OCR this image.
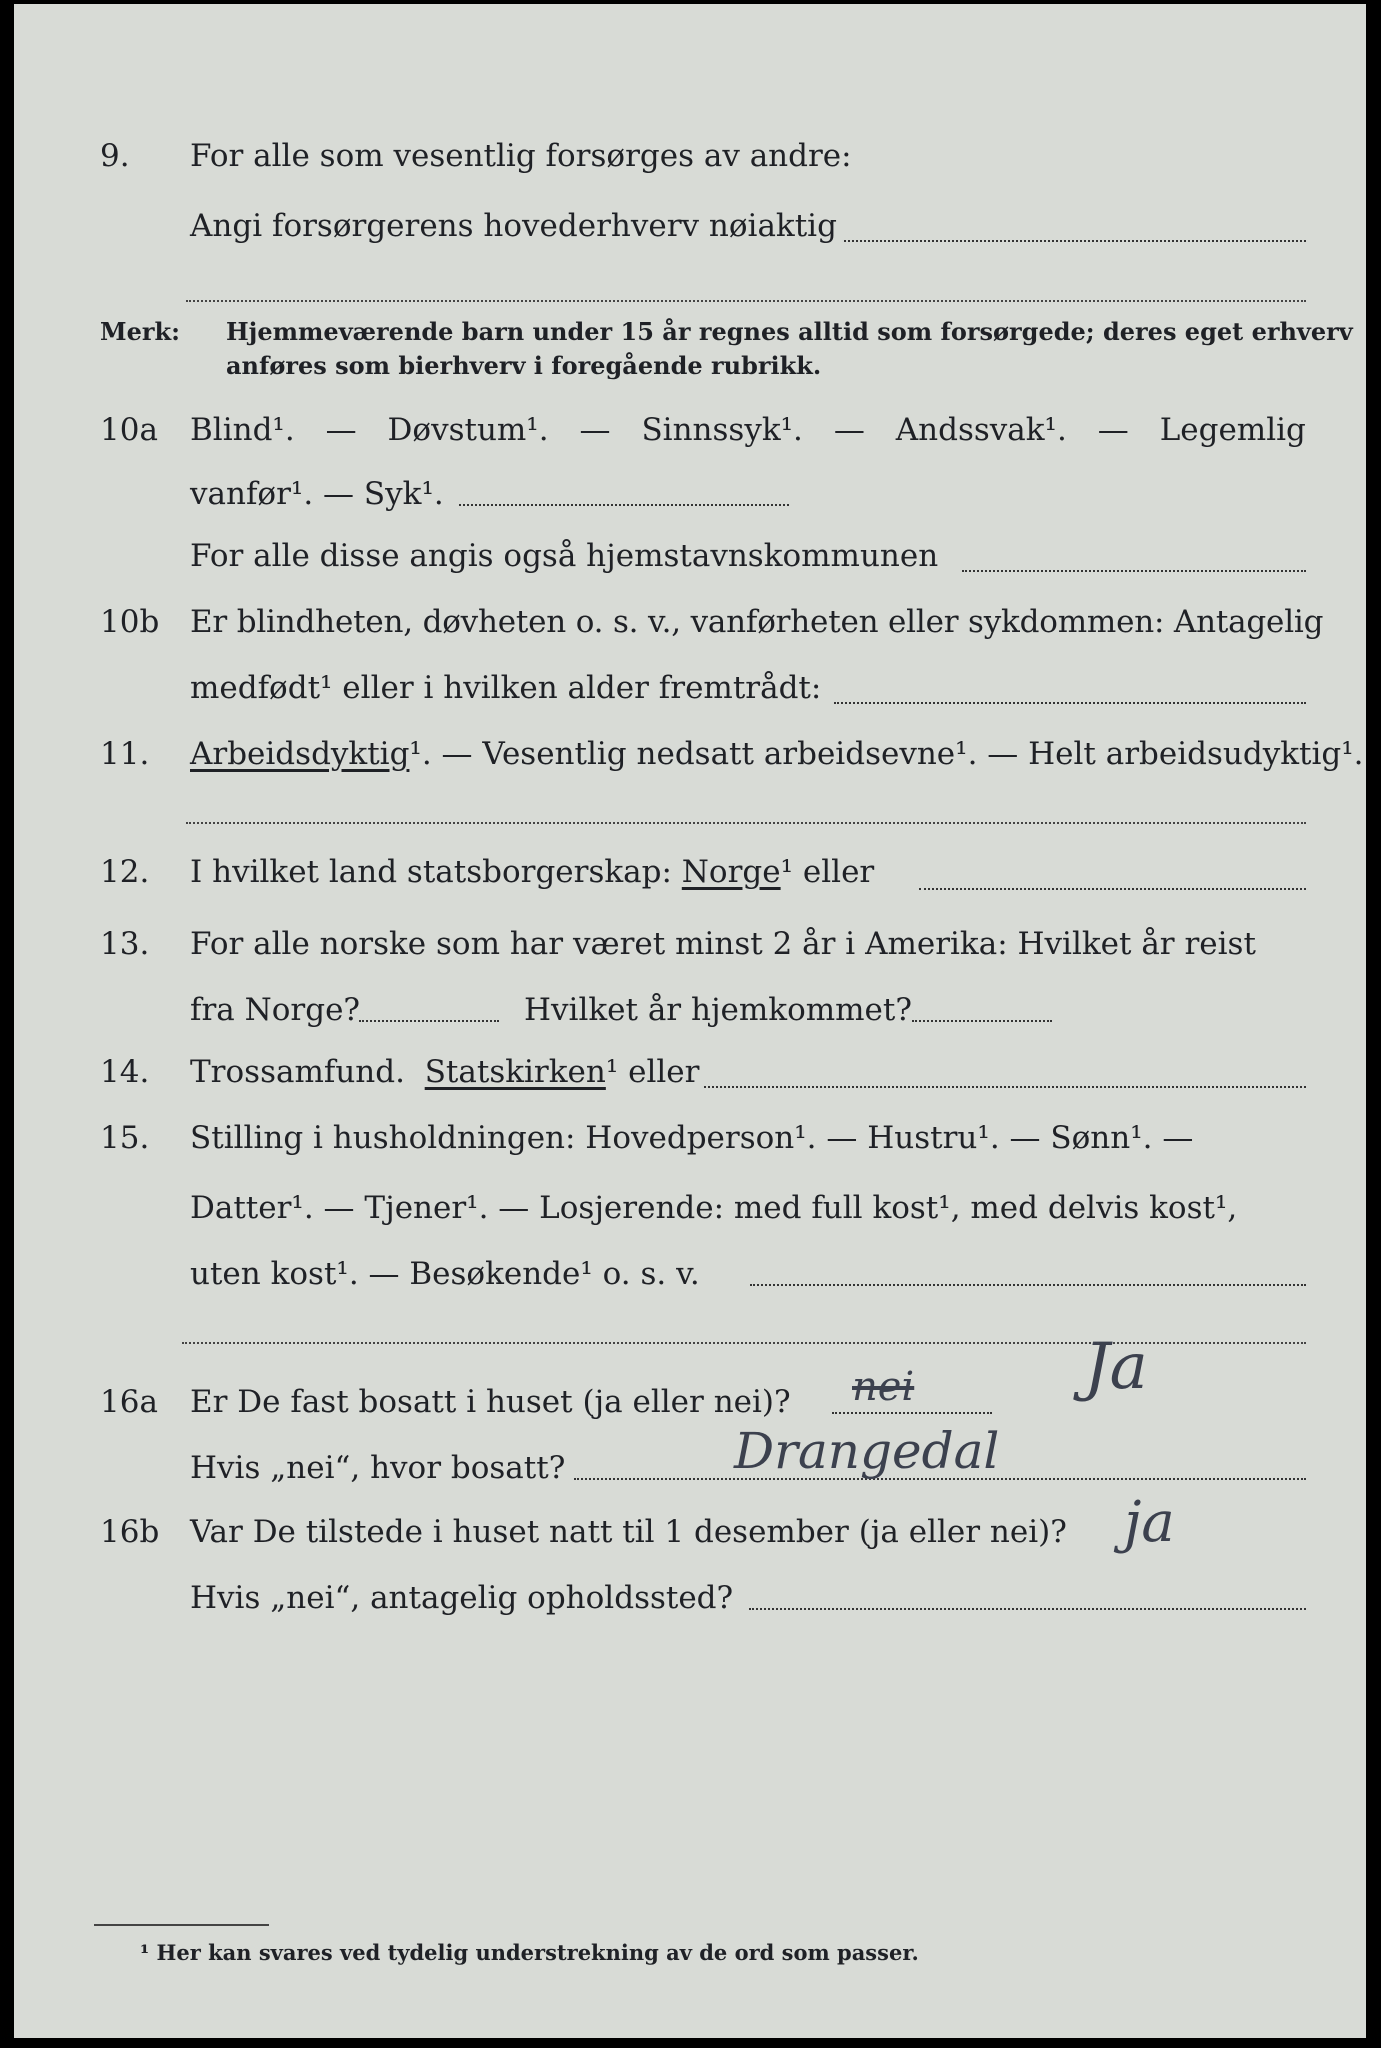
9.	For alle som vesentlig forsørges av andre:
Angi forsørgerens hovederhverv nøiaktig
Merk: Hjemmeværende barn under 15 år regnes alltid som forsørgede; deres eget erhverv
anføres som bierhverv i foregående rubrikk.
10a Blind¹. — Døvstum¹. — Sinnssyk¹. — Andssvak¹. — Legemlig
vanfør¹. — Syk¹.
For alle disse angis også hjemstavnskommunen
10b Er blindheten, døvheten o. s. v., vanførheten eller sykdommen: Antagelig
medfødt¹ eller i hvilken alder fremtrådt:
11.	Arbeidsdyktig¹. — Vesentlig nedsatt arbeidsevne¹. — Helt arbeidsudyktig¹.
12.	I hvilket land statsborgerskap: Norge¹ eller
13.	For alle norske som har været minst 2 år i Amerika: Hvilket år reist
fra Norge?	Hvilket år hjemkommet?
14.	Trossamfund. Statskirken¹ eller
15.	Stilling i husholdningen: Hovedperson¹. — Hustru¹. — Sønn¹. —
Datter¹. — Tjener¹. — Losjerende: med full kost¹, med delvis kost¹,
uten kost¹. — Besøkende¹ o. s. v.
16a Er De fast bosatt i huset (ja eller nei)? nei	Ja
Hvis „nei“, hvor bosatt?	Drangedal
16b Var De tilstede i huset natt til 1 desember (ja eller nei)? ja
Hvis „nei“, antagelig opholdssted?
¹ Her kan svares ved tydelig understrekning av de ord som passer.
